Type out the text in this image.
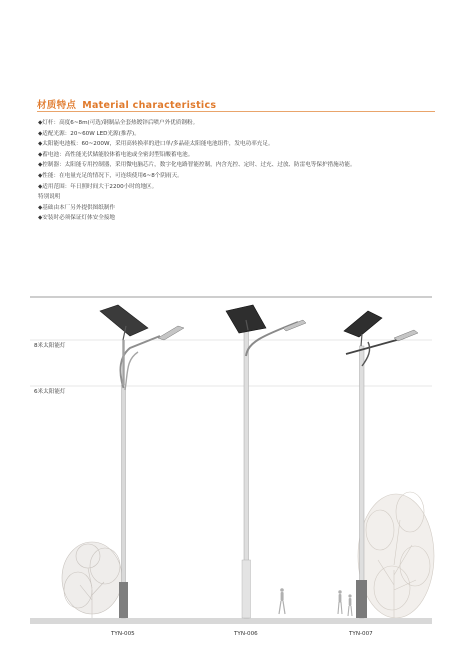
材质特点 Material characteristics
◆灯杆：高度6~8m(可选)钢制品全套热镀锌后喷户外优质钢粉。
◆适配光源：20~60W LED光源(推荐)。
◆太阳能电池板：60~200W，采用高转换率的进口单/多晶硅太阳能电池组件，发电功率充足。
◆蓄电池：高性能光伏储能胶体蓄电池或全密封型铅酸蓄电池。
◆控制器：太阳能专用控制器，采用微电脑芯片，数字化电路智能控制，内含光控、定时、过充、过放、防雷电等保护措施功能。
◆性能：在电量充足的情况下，可连续使用6~8个阴雨天。
◆适用范围：年日照时间大于2200小时的地区。
特别说明
◆基础由本厂另外提供图纸制作
◆安装时必须保证灯体安全接地
8米太阳能灯
6米太阳能灯
TYN-005	TYN-006	TYN-007
